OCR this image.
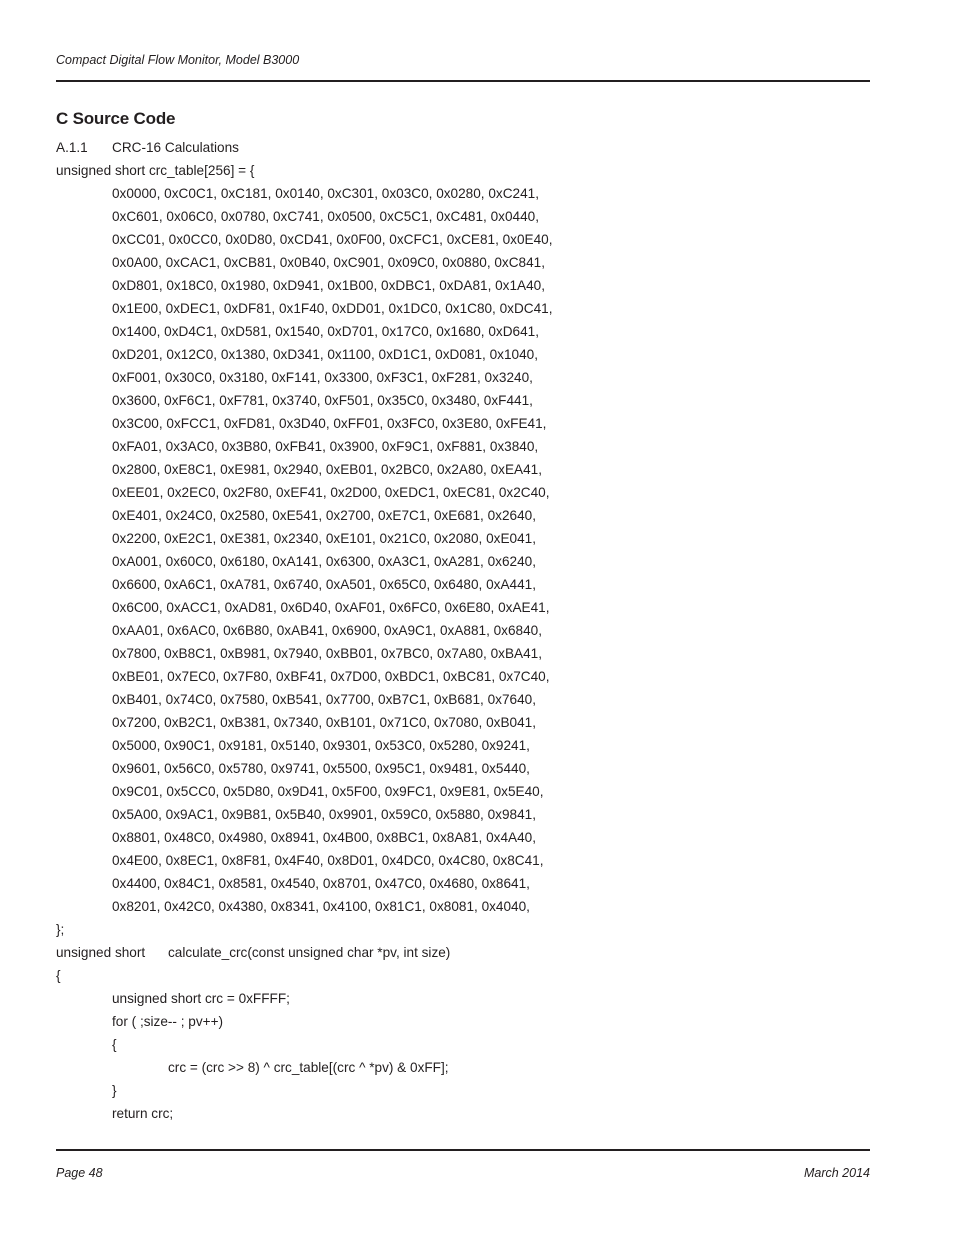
Compact Digital Flow Monitor, Model B3000
C Source Code
A.1.1 CRC-16 Calculations
unsigned short crc_table[256] = {
0x0000, 0xC0C1, 0xC181, 0x0140, 0xC301, 0x03C0, 0x0280, 0xC241,
0xC601, 0x06C0, 0x0780, 0xC741, 0x0500, 0xC5C1, 0xC481, 0x0440,
0xCC01, 0x0CC0, 0x0D80, 0xCD41, 0x0F00, 0xCFC1, 0xCE81, 0x0E40,
0x0A00, 0xCAC1, 0xCB81, 0x0B40, 0xC901, 0x09C0, 0x0880, 0xC841,
0xD801, 0x18C0, 0x1980, 0xD941, 0x1B00, 0xDBC1, 0xDA81, 0x1A40,
0x1E00, 0xDEC1, 0xDF81, 0x1F40, 0xDD01, 0x1DC0, 0x1C80, 0xDC41,
0x1400, 0xD4C1, 0xD581, 0x1540, 0xD701, 0x17C0, 0x1680, 0xD641,
0xD201, 0x12C0, 0x1380, 0xD341, 0x1100, 0xD1C1, 0xD081, 0x1040,
0xF001, 0x30C0, 0x3180, 0xF141, 0x3300, 0xF3C1, 0xF281, 0x3240,
0x3600, 0xF6C1, 0xF781, 0x3740, 0xF501, 0x35C0, 0x3480, 0xF441,
0x3C00, 0xFCC1, 0xFD81, 0x3D40, 0xFF01, 0x3FC0, 0x3E80, 0xFE41,
0xFA01, 0x3AC0, 0x3B80, 0xFB41, 0x3900, 0xF9C1, 0xF881, 0x3840,
0x2800, 0xE8C1, 0xE981, 0x2940, 0xEB01, 0x2BC0, 0x2A80, 0xEA41,
0xEE01, 0x2EC0, 0x2F80, 0xEF41, 0x2D00, 0xEDC1, 0xEC81, 0x2C40,
0xE401, 0x24C0, 0x2580, 0xE541, 0x2700, 0xE7C1, 0xE681, 0x2640,
0x2200, 0xE2C1, 0xE381, 0x2340, 0xE101, 0x21C0, 0x2080, 0xE041,
0xA001, 0x60C0, 0x6180, 0xA141, 0x6300, 0xA3C1, 0xA281, 0x6240,
0x6600, 0xA6C1, 0xA781, 0x6740, 0xA501, 0x65C0, 0x6480, 0xA441,
0x6C00, 0xACC1, 0xAD81, 0x6D40, 0xAF01, 0x6FC0, 0x6E80, 0xAE41,
0xAA01, 0x6AC0, 0x6B80, 0xAB41, 0x6900, 0xA9C1, 0xA881, 0x6840,
0x7800, 0xB8C1, 0xB981, 0x7940, 0xBB01, 0x7BC0, 0x7A80, 0xBA41,
0xBE01, 0x7EC0, 0x7F80, 0xBF41, 0x7D00, 0xBDC1, 0xBC81, 0x7C40,
0xB401, 0x74C0, 0x7580, 0xB541, 0x7700, 0xB7C1, 0xB681, 0x7640,
0x7200, 0xB2C1, 0xB381, 0x7340, 0xB101, 0x71C0, 0x7080, 0xB041,
0x5000, 0x90C1, 0x9181, 0x5140, 0x9301, 0x53C0, 0x5280, 0x9241,
0x9601, 0x56C0, 0x5780, 0x9741, 0x5500, 0x95C1, 0x9481, 0x5440,
0x9C01, 0x5CC0, 0x5D80, 0x9D41, 0x5F00, 0x9FC1, 0x9E81, 0x5E40,
0x5A00, 0x9AC1, 0x9B81, 0x5B40, 0x9901, 0x59C0, 0x5880, 0x9841,
0x8801, 0x48C0, 0x4980, 0x8941, 0x4B00, 0x8BC1, 0x8A81, 0x4A40,
0x4E00, 0x8EC1, 0x8F81, 0x4F40, 0x8D01, 0x4DC0, 0x4C80, 0x8C41,
0x4400, 0x84C1, 0x8581, 0x4540, 0x8701, 0x47C0, 0x4680, 0x8641,
0x8201, 0x42C0, 0x4380, 0x8341, 0x4100, 0x81C1, 0x8081, 0x4040,
};
unsigned short calculate_crc(const unsigned char *pv, int size)
{
unsigned short crc = 0xFFFF;
for ( ;size-- ; pv++)
{
crc = (crc >> 8) ^ crc_table[(crc ^ *pv) & 0xFF];
}
return crc;
Page 48	March 2014
